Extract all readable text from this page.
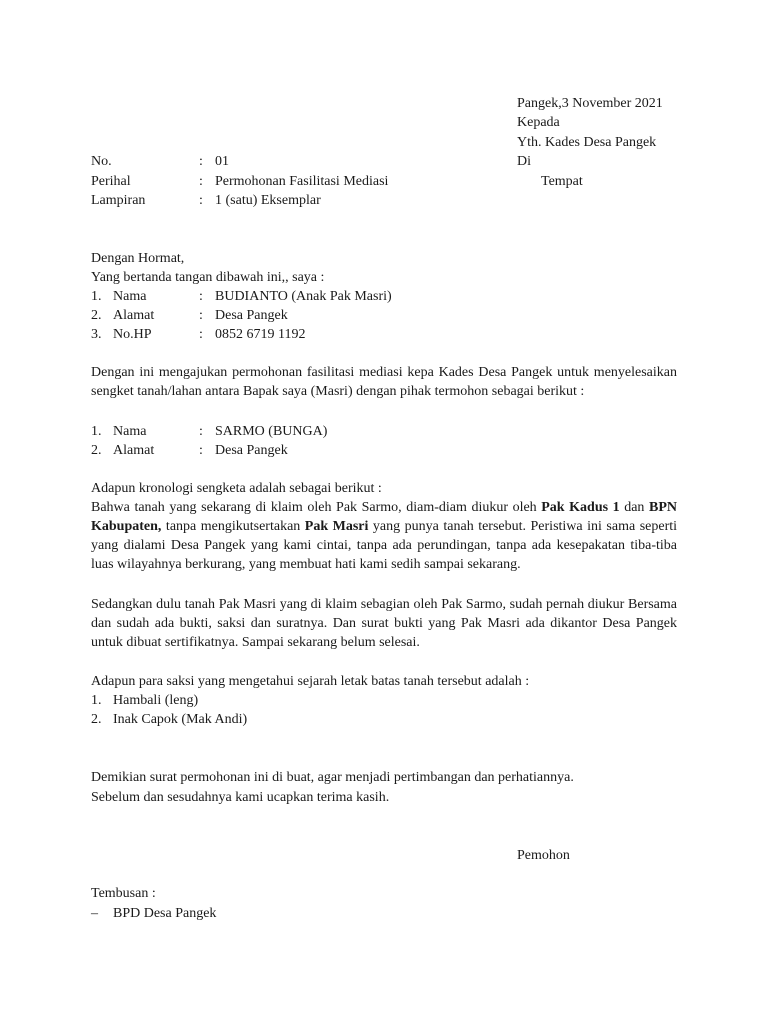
Pangek,3 November 2021
Kepada
Yth. Kades Desa Pangek
Di
Tempat
No.	: 01
Perihal	: Permohonan Fasilitasi Mediasi
Lampiran	: 1 (satu) Eksemplar
Dengan Hormat,
Yang bertanda tangan dibawah ini,, saya :
1. Nama	: BUDIANTO (Anak Pak Masri)
2. Alamat	: Desa Pangek
3. No.HP	: 0852 6719 1192
Dengan ini mengajukan permohonan fasilitasi mediasi kepa Kades Desa Pangek untuk menyelesaikan sengket tanah/lahan antara Bapak saya (Masri) dengan pihak termohon sebagai berikut :
1. Nama	: SARMO (BUNGA)
2. Alamat	: Desa Pangek
Adapun kronologi sengketa adalah sebagai berikut :
Bahwa tanah yang sekarang di klaim oleh Pak Sarmo, diam-diam diukur oleh Pak Kadus 1 dan BPN Kabupaten, tanpa mengikutsertakan Pak Masri yang punya tanah tersebut. Peristiwa ini sama seperti yang dialami Desa Pangek yang kami cintai, tanpa ada perundingan, tanpa ada kesepakatan tiba-tiba luas wilayahnya berkurang, yang membuat hati kami sedih sampai sekarang.
Sedangkan dulu tanah Pak Masri yang di klaim sebagian oleh Pak Sarmo, sudah pernah diukur Bersama dan sudah ada bukti, saksi dan suratnya. Dan surat bukti yang Pak Masri ada dikantor Desa Pangek untuk dibuat sertifikatnya. Sampai sekarang belum selesai.
Adapun para saksi yang mengetahui sejarah letak batas tanah tersebut adalah :
1. Hambali (leng)
2. Inak Capok (Mak Andi)
Demikian surat permohonan ini di buat, agar menjadi pertimbangan dan perhatiannya.
Sebelum dan sesudahnya kami ucapkan terima kasih.
Pemohon
Tembusan :
– BPD Desa Pangek
